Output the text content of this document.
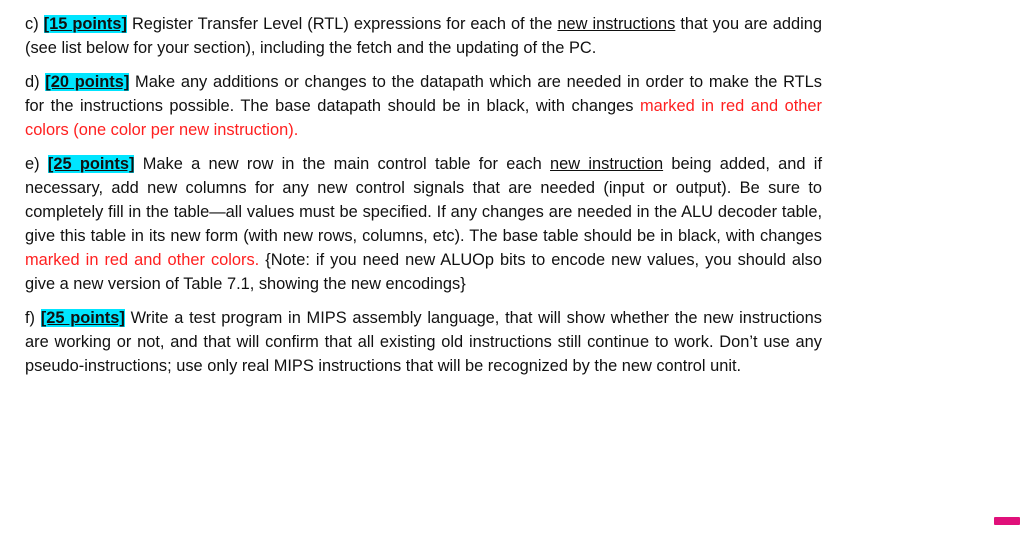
c) [15 points] Register Transfer Level (RTL) expressions for each of the new instructions that you are adding (see list below for your section), including the fetch and the updating of the PC.

d) [20 points] Make any additions or changes to the datapath which are needed in order to make the RTLs for the instructions possible. The base datapath should be in black, with changes marked in red and other colors (one color per new instruction).

e) [25 points] Make a new row in the main control table for each new instruction being added, and if necessary, add new columns for any new control signals that are needed (input or output). Be sure to completely fill in the table—all values must be specified. If any changes are needed in the ALU decoder table, give this table in its new form (with new rows, columns, etc). The base table should be in black, with changes marked in red and other colors. {Note: if you need new ALUOp bits to encode new values, you should also give a new version of Table 7.1, showing the new encodings}

f) [25 points] Write a test program in MIPS assembly language, that will show whether the new instructions are working or not, and that will confirm that all existing old instructions still continue to work. Don’t use any pseudo-instructions; use only real MIPS instructions that will be recognized by the new control unit.
